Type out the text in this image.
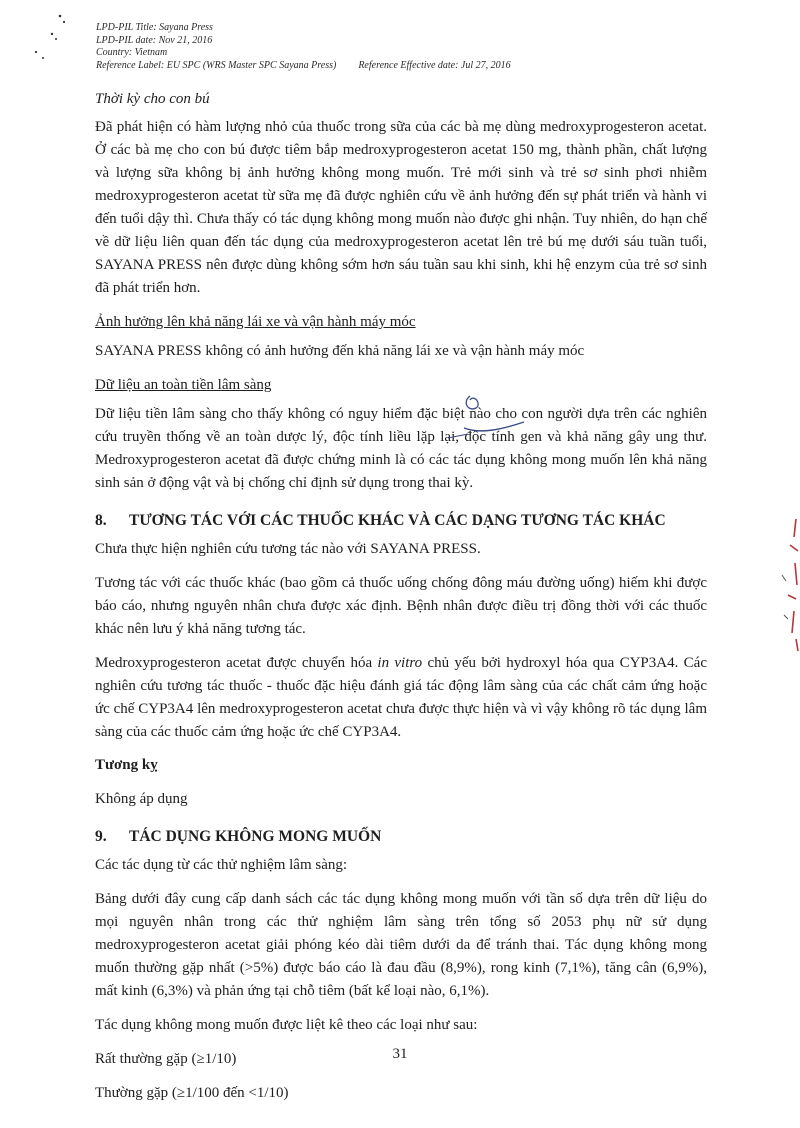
LPD-PIL Title: Sayana Press
LPD-PIL date: Nov 21, 2016
Country: Vietnam
Reference Label: EU SPC (WRS Master SPC Sayana Press) Reference Effective date: Jul 27, 2016

Thời kỳ cho con bú

Đã phát hiện có hàm lượng nhỏ của thuốc trong sữa của các bà mẹ dùng medroxyprogesteron acetat. Ở các bà mẹ cho con bú được tiêm bắp medroxyprogesteron acetat 150 mg, thành phần, chất lượng và lượng sữa không bị ảnh hưởng không mong muốn. Trẻ mới sinh và trẻ sơ sinh phơi nhiễm medroxyprogesteron acetat từ sữa mẹ đã được nghiên cứu về ảnh hưởng đến sự phát triển và hành vi đến tuổi dậy thì. Chưa thấy có tác dụng không mong muốn nào được ghi nhận. Tuy nhiên, do hạn chế về dữ liệu liên quan đến tác dụng của medroxyprogesteron acetat lên trẻ bú mẹ dưới sáu tuần tuổi, SAYANA PRESS nên được dùng không sớm hơn sáu tuần sau khi sinh, khi hệ enzym của trẻ sơ sinh đã phát triển hơn.

Ảnh hưởng lên khả năng lái xe và vận hành máy móc

SAYANA PRESS không có ảnh hưởng đến khả năng lái xe và vận hành máy móc

Dữ liệu an toàn tiền lâm sàng

Dữ liệu tiền lâm sàng cho thấy không có nguy hiểm đặc biệt nào cho con người dựa trên các nghiên cứu truyền thống về an toàn dược lý, độc tính liều lặp lại, độc tính gen và khả năng gây ung thư. Medroxyprogesteron acetat đã được chứng minh là có các tác dụng không mong muốn lên khả năng sinh sản ở động vật và bị chống chỉ định sử dụng trong thai kỳ.

8. TƯƠNG TÁC VỚI CÁC THUỐC KHÁC VÀ CÁC DẠNG TƯƠNG TÁC KHÁC

Chưa thực hiện nghiên cứu tương tác nào với SAYANA PRESS.

Tương tác với các thuốc khác (bao gồm cả thuốc uống chống đông máu đường uống) hiếm khi được báo cáo, nhưng nguyên nhân chưa được xác định. Bệnh nhân được điều trị đồng thời với các thuốc khác nên lưu ý khả năng tương tác.

Medroxyprogesteron acetat được chuyển hóa in vitro chủ yếu bởi hydroxyl hóa qua CYP3A4. Các nghiên cứu tương tác thuốc - thuốc đặc hiệu đánh giá tác động lâm sàng của các chất cảm ứng hoặc ức chế CYP3A4 lên medroxyprogesteron acetat chưa được thực hiện và vì vậy không rõ tác dụng lâm sàng của các thuốc cảm ứng hoặc ức chế CYP3A4.

Tương kỵ

Không áp dụng

9. TÁC DỤNG KHÔNG MONG MUỐN

Các tác dụng từ các thử nghiệm lâm sàng:

Bảng dưới đây cung cấp danh sách các tác dụng không mong muốn với tần số dựa trên dữ liệu do mọi nguyên nhân trong các thử nghiệm lâm sàng trên tổng số 2053 phụ nữ sử dụng medroxyprogesteron acetat giải phóng kéo dài tiêm dưới da để tránh thai. Tác dụng không mong muốn thường gặp nhất (>5%) được báo cáo là đau đầu (8,9%), rong kinh (7,1%), tăng cân (6,9%), mất kinh (6,3%) và phản ứng tại chỗ tiêm (bất kể loại nào, 6,1%).

Tác dụng không mong muốn được liệt kê theo các loại như sau:

Rất thường gặp (≥1/10)

Thường gặp (≥1/100 đến <1/10)

31
